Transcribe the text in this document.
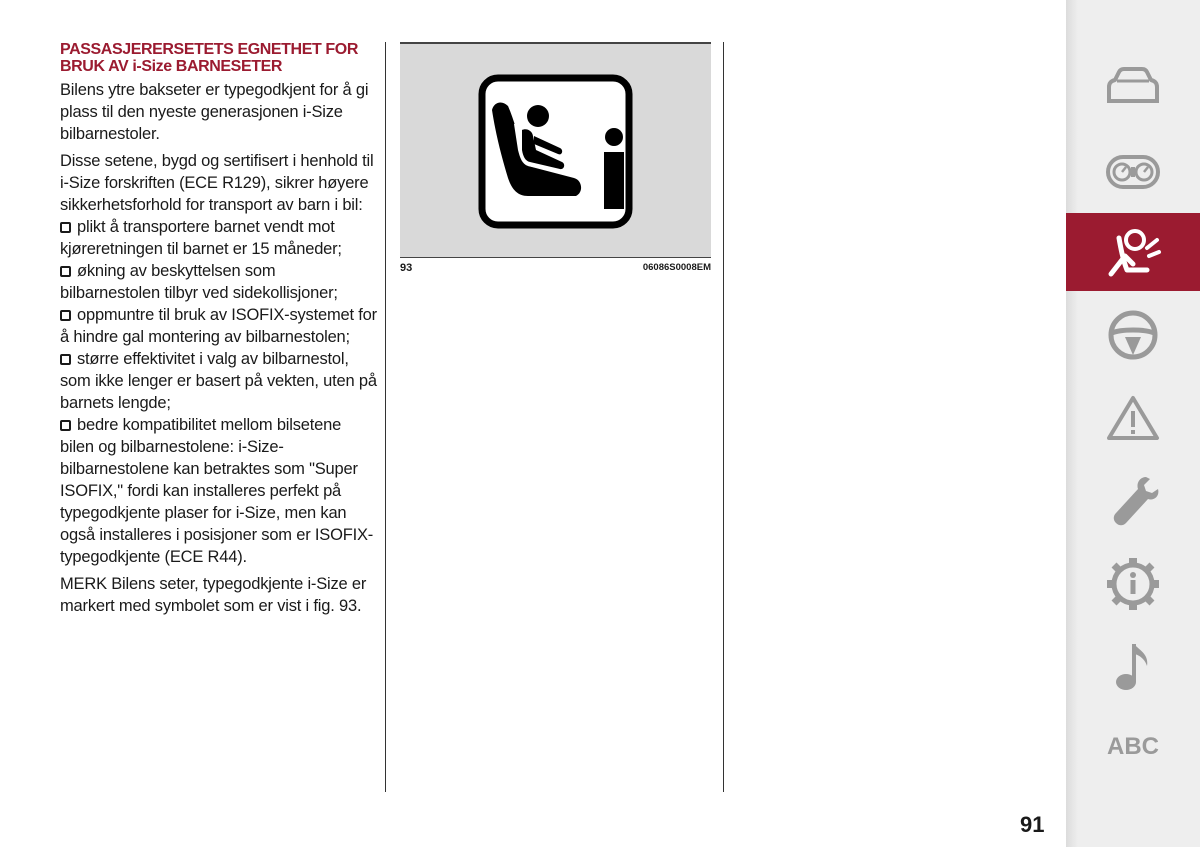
PASSASJERERSETETS EGNETHET FOR
BRUK AV i-Size BARNESETER

Bilens ytre bakseter er typegodkjent for å gi plass til den nyeste generasjonen i-Size bilbarnestoler.

Disse setene, bygd og sertifisert i henhold til i-Size forskriften (ECE R129), sikrer høyere sikkerhetsforhold for transport av barn i bil:

plikt å transportere barnet vendt mot kjøreretningen til barnet er 15 måneder;
økning av beskyttelsen som bilbarnestolen tilbyr ved sidekollisjoner;
oppmuntre til bruk av ISOFIX-systemet for å hindre gal montering av bilbarnestolen;
større effektivitet i valg av bilbarnestol, som ikke lenger er basert på vekten, uten på barnets lengde;
bedre kompatibilitet mellom bilsetene bilen og bilbarnestolene: i-Size-bilbarnestolene kan betraktes som "Super ISOFIX," fordi kan installeres perfekt på typegodkjente plaser for i-Size, men kan også installeres i posisjoner som er ISOFIX-typegodkjente (ECE R44).

MERK Bilens seter, typegodkjente i-Size er markert med symbolet som er vist i fig. 93.

93	06086S0008EM
ABC
91
